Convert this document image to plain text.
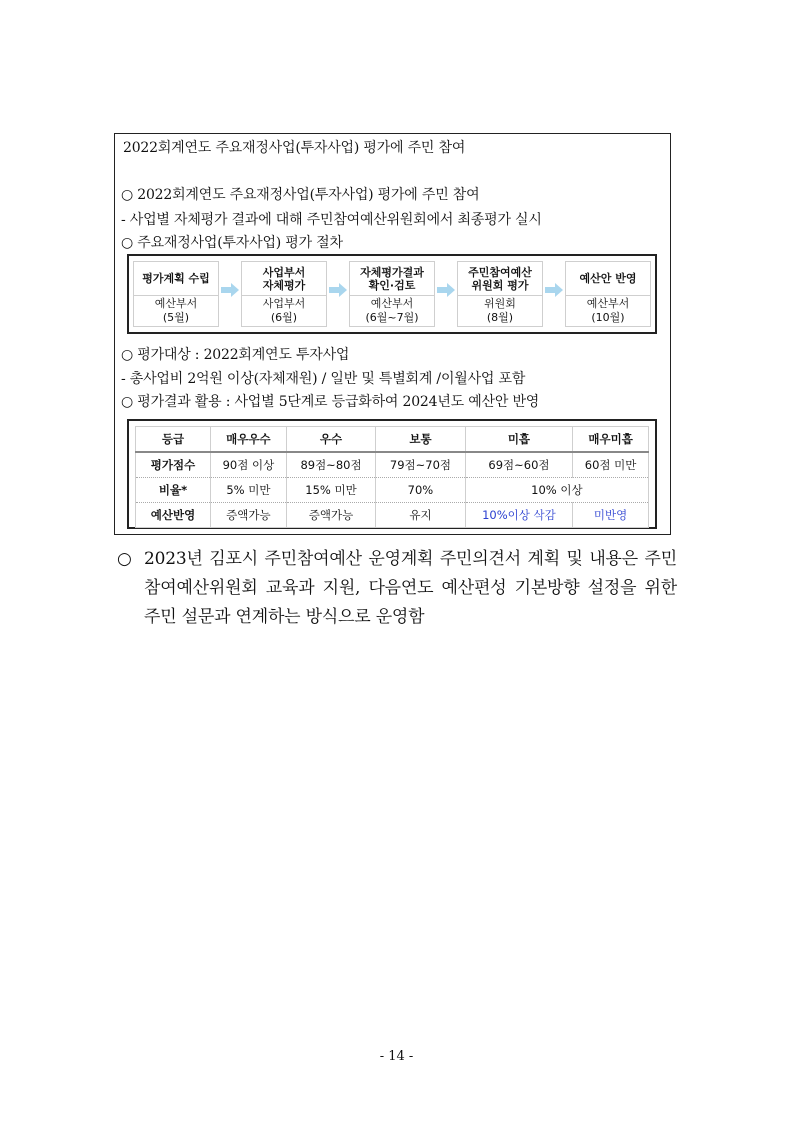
2022회계연도 주요재정사업(투자사업) 평가에 주민 참여
○ 2022회계연도 주요재정사업(투자사업) 평가에 주민 참여
- 사업별 자체평가 결과에 대해 주민참여예산위원회에서 최종평가 실시
○ 주요재정사업(투자사업) 평가 절차
평가계획 수립
예산부서
(5월)
사업부서
자체평가
사업부서
(6월)
자체평가결과
확인·검토
예산부서
(6월~7월)
주민참여예산
위원회 평가
위원회
(8월)
예산안 반영
예산부서
(10월)
○ 평가대상 : 2022회계연도 투자사업
- 총사업비 2억원 이상(자체재원) / 일반 및 특별회계 /이월사업 포함
○ 평가결과 활용 : 사업별 5단계로 등급화하여 2024년도 예산안 반영
등급	매우우수	우수	보통	미흡	매우미흡
평가점수	90점 이상	89점~80점	79점~70점	69점~60점	60점 미만
비율*	5% 미만	15% 미만	70%	10% 이상	
예산반영	증액가능	증액가능	유지	10%이상 삭감	미반영
○ 2023년 김포시 주민참여예산 운영계획 주민의견서 계획 및 내용은 주민참여예산위원회 교육과 지원, 다음연도 예산편성 기본방향 설정을 위한 주민 설문과 연계하는 방식으로 운영함
- 14 -
